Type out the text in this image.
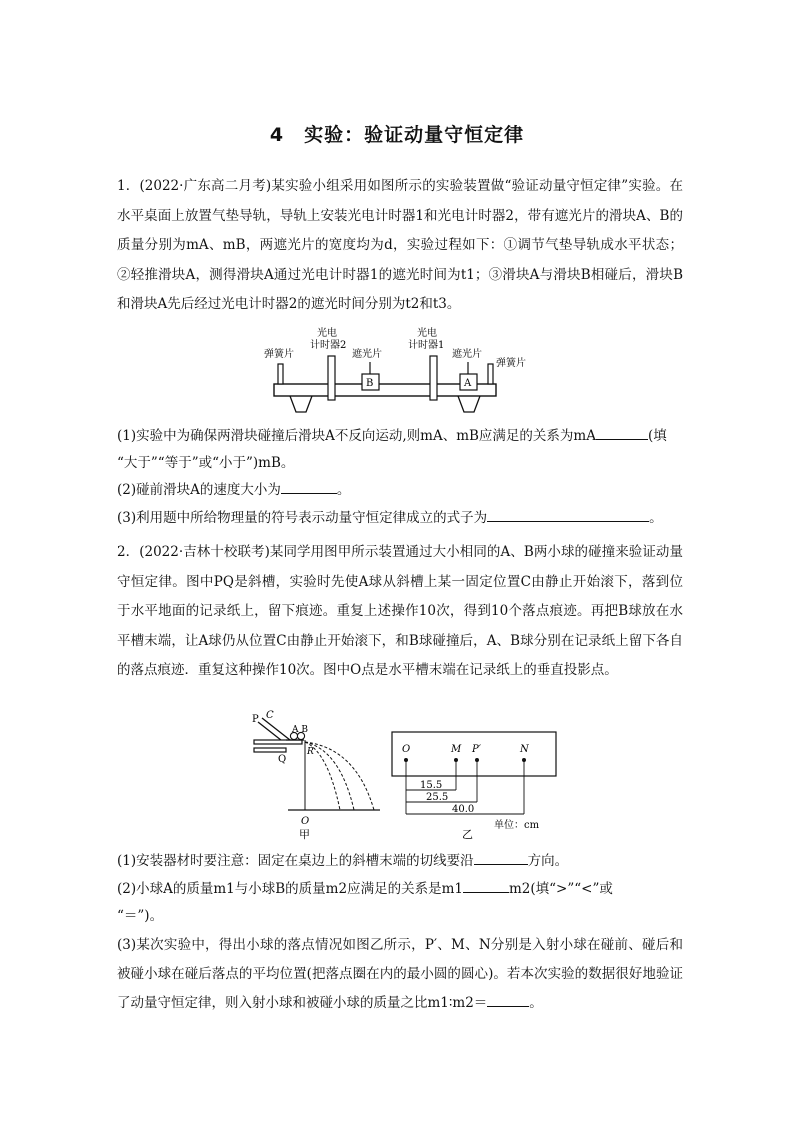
4　实验：验证动量守恒定律
1．(2022·广东高二月考)某实验小组采用如图所示的实验装置做“验证动量守恒定律”实验。在水平桌面上放置气垫导轨，导轨上安装光电计时器1和光电计时器2，带有遮光片的滑块A、B的质量分别为mA、mB，两遮光片的宽度均为d，实验过程如下：①调节气垫导轨成水平状态；②轻推滑块A，测得滑块A通过光电计时器1的遮光时间为t1；③滑块A与滑块B相碰后，滑块B和滑块A先后经过光电计时器2的遮光时间分别为t2和t3。
弹簧片
光电
计时器2
遮光片
B
光电
计时器1
遮光片
A
弹簧片
(1)实验中为确保两滑块碰撞后滑块A不反向运动,则mA、mB应满足的关系为mA	(填
“大于”“等于”或“小于”)mB。
(2)碰前滑块A的速度大小为	。
(3)利用题中所给物理量的符号表示动量守恒定律成立的式子为	。
2．(2022·吉林十校联考)某同学用图甲所示装置通过大小相同的A、B两小球的碰撞来验证动量守恒定律。图中PQ是斜槽，实验时先使A球从斜槽上某一固定位置C由静止开始滚下，落到位于水平地面的记录纸上，留下痕迹。重复上述操作10次，得到10个落点痕迹。再把B球放在水平槽末端，让A球仍从位置C由静止开始滚下，和B球碰撞后，A、B球分别在记录纸上留下各自的落点痕迹．重复这种操作10次。图中O点是水平槽末端在记录纸上的垂直投影点。
P C
A B
Q
R
O
甲
O	M P′	N
15.5
25.5
40.0
单位：cm
乙
(1)安装器材时要注意：固定在桌边上的斜槽末端的切线要沿	方向。
(2)小球A的质量m1与小球B的质量m2应满足的关系是m1	m2(填“>”“<”或
“＝”)。
(3)某次实验中，得出小球的落点情况如图乙所示，P′、M、N分别是入射小球在碰前、碰后和被碰小球在碰后落点的平均位置(把落点圈在内的最小圆的圆心)。若本次实验的数据很好地验证了动量守恒定律，则入射小球和被碰小球的质量之比m1∶m2＝	。
